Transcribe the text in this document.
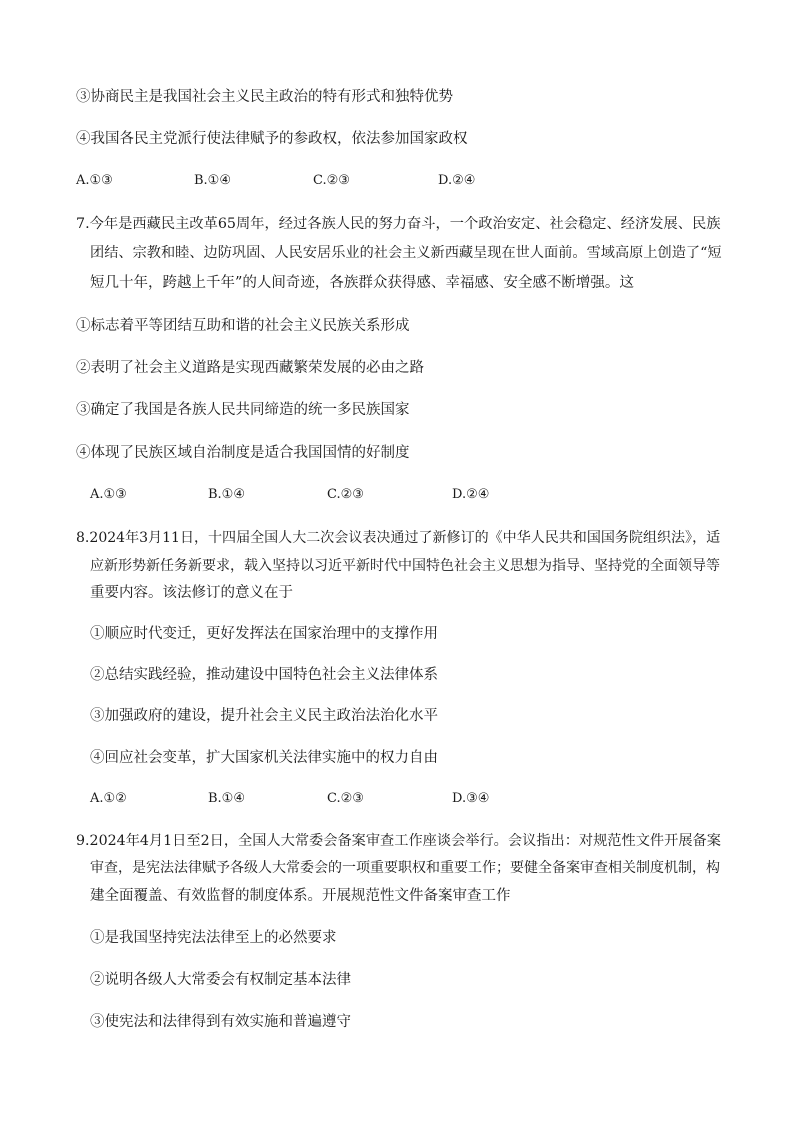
③协商民主是我国社会主义民主政治的特有形式和独特优势
④我国各民主党派行使法律赋予的参政权，依法参加国家政权
A.①③	B.①④	C.②③	D.②④
7.今年是西藏民主改革65周年，经过各族人民的努力奋斗，一个政治安定、社会稳定、经济发展、民族
团结、宗教和睦、边防巩固、人民安居乐业的社会主义新西藏呈现在世人面前。雪域高原上创造了“短
短几十年，跨越上千年”的人间奇迹，各族群众获得感、幸福感、安全感不断增强。这
①标志着平等团结互助和谐的社会主义民族关系形成
②表明了社会主义道路是实现西藏繁荣发展的必由之路
③确定了我国是各族人民共同缔造的统一多民族国家
④体现了民族区域自治制度是适合我国国情的好制度
A.①③	B.①④	C.②③	D.②④
8.2024年3月11日，十四届全国人大二次会议表决通过了新修订的《中华人民共和国国务院组织法》，适
应新形势新任务新要求，载入坚持以习近平新时代中国特色社会主义思想为指导、坚持党的全面领导等
重要内容。该法修订的意义在于
①顺应时代变迁，更好发挥法在国家治理中的支撑作用
②总结实践经验，推动建设中国特色社会主义法律体系
③加强政府的建设，提升社会主义民主政治法治化水平
④回应社会变革，扩大国家机关法律实施中的权力自由
A.①②	B.①④	C.②③	D.③④
9.2024年4月1日至2日，全国人大常委会备案审查工作座谈会举行。会议指出：对规范性文件开展备案
审查，是宪法法律赋予各级人大常委会的一项重要职权和重要工作；要健全备案审查相关制度机制，构
建全面覆盖、有效监督的制度体系。开展规范性文件备案审查工作
①是我国坚持宪法法律至上的必然要求
②说明各级人大常委会有权制定基本法律
③使宪法和法律得到有效实施和普遍遵守
